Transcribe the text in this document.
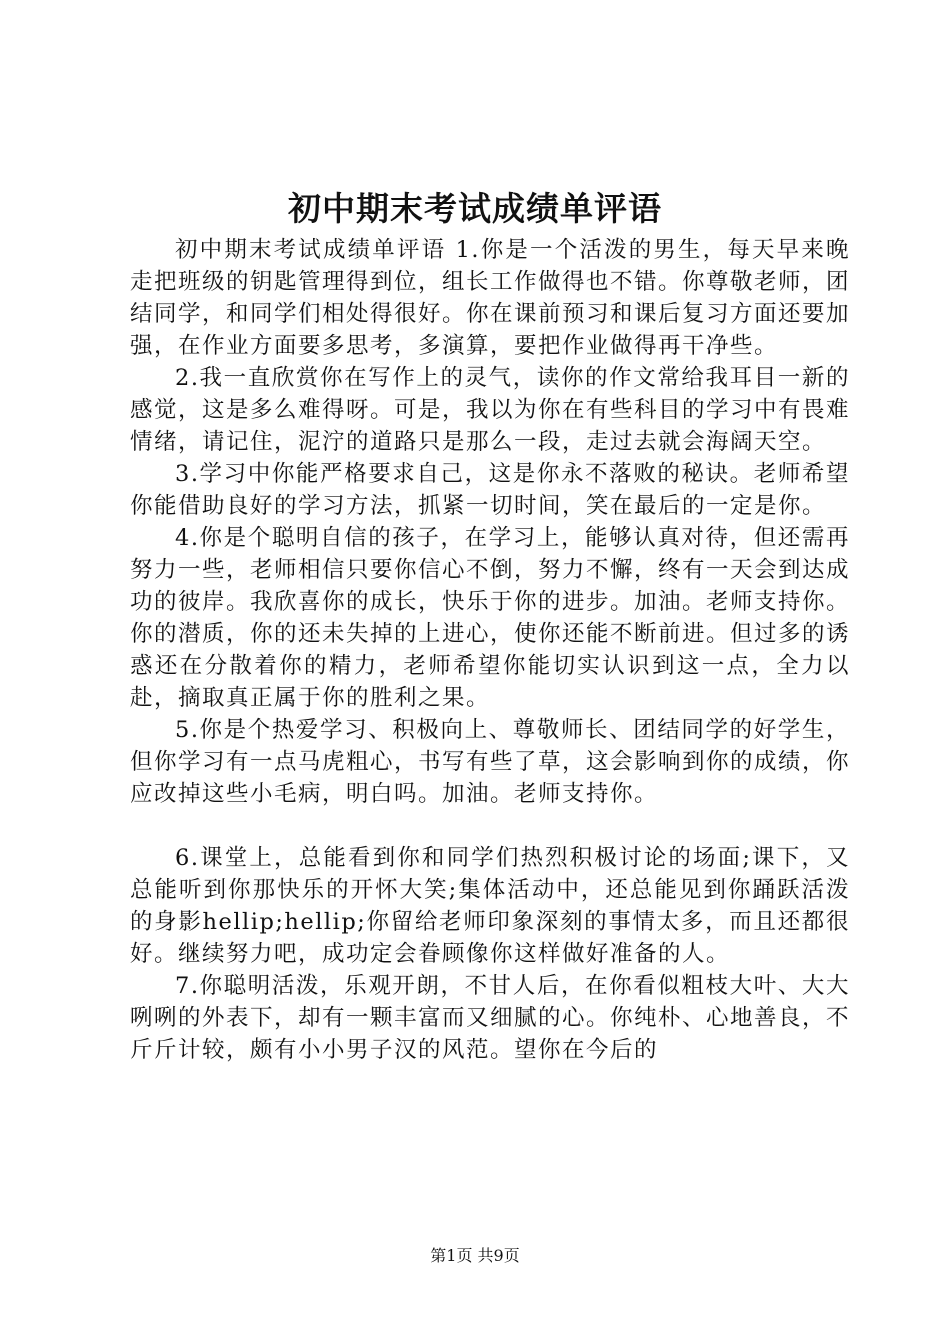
初中期末考试成绩单评语

初中期末考试成绩单评语 1.你是一个活泼的男生，每天早来晚走把班级的钥匙管理得到位，组长工作做得也不错。你尊敬老师，团结同学，和同学们相处得很好。你在课前预习和课后复习方面还要加强，在作业方面要多思考，多演算，要把作业做得再干净些。

2.我一直欣赏你在写作上的灵气，读你的作文常给我耳目一新的感觉，这是多么难得呀。可是，我以为你在有些科目的学习中有畏难情绪，请记住，泥泞的道路只是那么一段，走过去就会海阔天空。

3.学习中你能严格要求自己，这是你永不落败的秘诀。老师希望你能借助良好的学习方法，抓紧一切时间，笑在最后的一定是你。

4.你是个聪明自信的孩子，在学习上，能够认真对待，但还需再努力一些，老师相信只要你信心不倒，努力不懈，终有一天会到达成功的彼岸。我欣喜你的成长，快乐于你的进步。加油。老师支持你。你的潜质，你的还未失掉的上进心，使你还能不断前进。但过多的诱惑还在分散着你的精力，老师希望你能切实认识到这一点，全力以赴，摘取真正属于你的胜利之果。

5.你是个热爱学习、积极向上、尊敬师长、团结同学的好学生，但你学习有一点马虎粗心，书写有些了草，这会影响到你的成绩，你应改掉这些小毛病，明白吗。加油。老师支持你。

6.课堂上，总能看到你和同学们热烈积极讨论的场面;课下，又总能听到你那快乐的开怀大笑;集体活动中，还总能见到你踊跃活泼的身影hellip;hellip;你留给老师印象深刻的事情太多，而且还都很好。继续努力吧，成功定会眷顾像你这样做好准备的人。

7.你聪明活泼，乐观开朗，不甘人后，在你看似粗枝大叶、大大咧咧的外表下，却有一颗丰富而又细腻的心。你纯朴、心地善良，不斤斤计较，颇有小小男子汉的风范。望你在今后的

第1页 共9页
